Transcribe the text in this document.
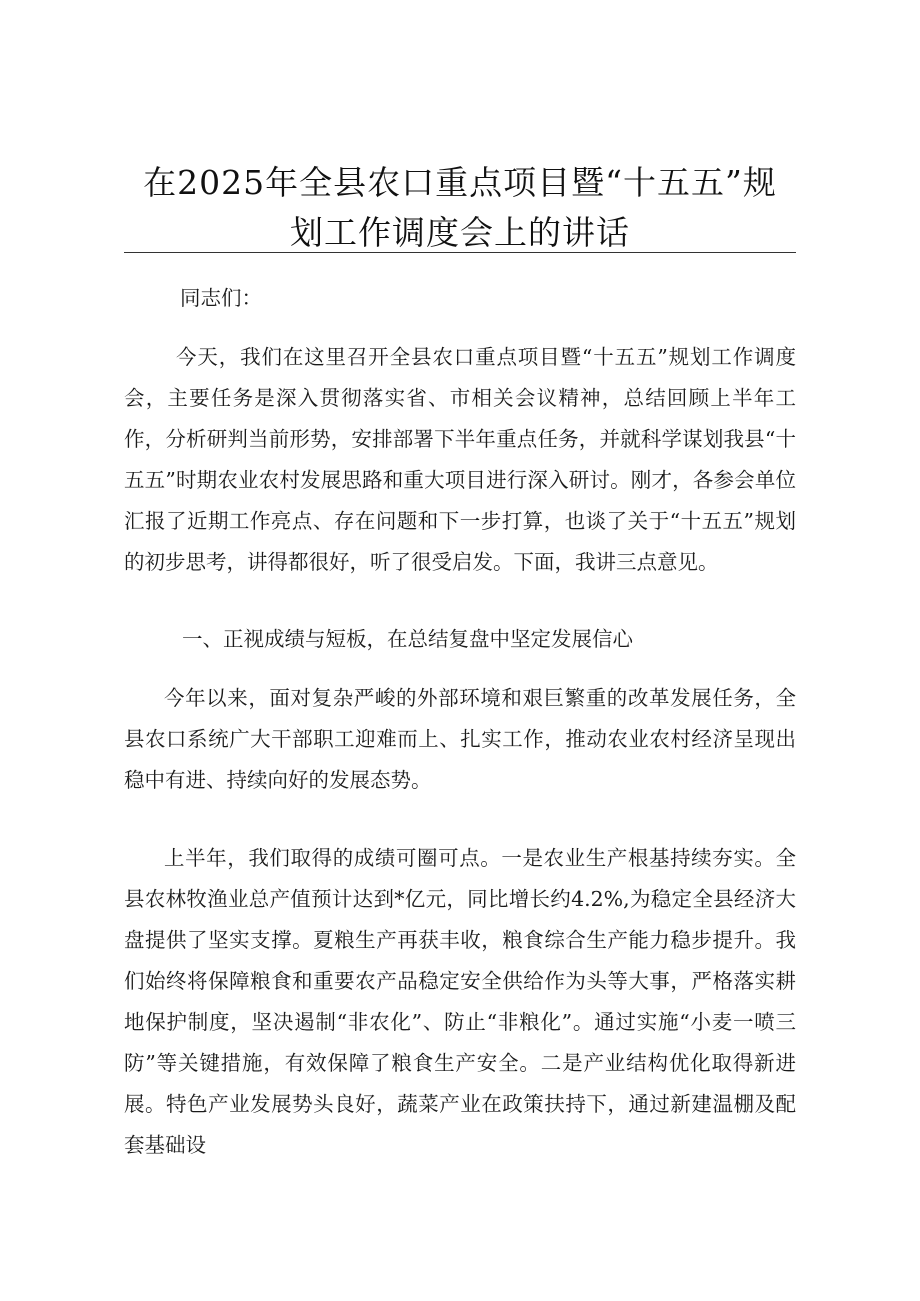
在2025年全县农口重点项目暨“十五五”规
划工作调度会上的讲话
同志们：
今天，我们在这里召开全县农口重点项目暨“十五五”规划工作调度会，主要任务是深入贯彻落实省、市相关会议精神，总结回顾上半年工作，分析研判当前形势，安排部署下半年重点任务，并就科学谋划我县“十五五”时期农业农村发展思路和重大项目进行深入研讨。刚才，各参会单位汇报了近期工作亮点、存在问题和下一步打算，也谈了关于“十五五”规划的初步思考，讲得都很好，听了很受启发。下面，我讲三点意见。
一、正视成绩与短板，在总结复盘中坚定发展信心
今年以来，面对复杂严峻的外部环境和艰巨繁重的改革发展任务，全县农口系统广大干部职工迎难而上、扎实工作，推动农业农村经济呈现出稳中有进、持续向好的发展态势。
上半年，我们取得的成绩可圈可点。一是农业生产根基持续夯实。全县农林牧渔业总产值预计达到*亿元，同比增长约4.2%,为稳定全县经济大盘提供了坚实支撑。夏粮生产再获丰收，粮食综合生产能力稳步提升。我们始终将保障粮食和重要农产品稳定安全供给作为头等大事，严格落实耕地保护制度，坚决遏制“非农化”、防止“非粮化”。通过实施“小麦一喷三防”等关键措施，有效保障了粮食生产安全。二是产业结构优化取得新进展。特色产业发展势头良好，蔬菜产业在政策扶持下，通过新建温棚及配套基础设
